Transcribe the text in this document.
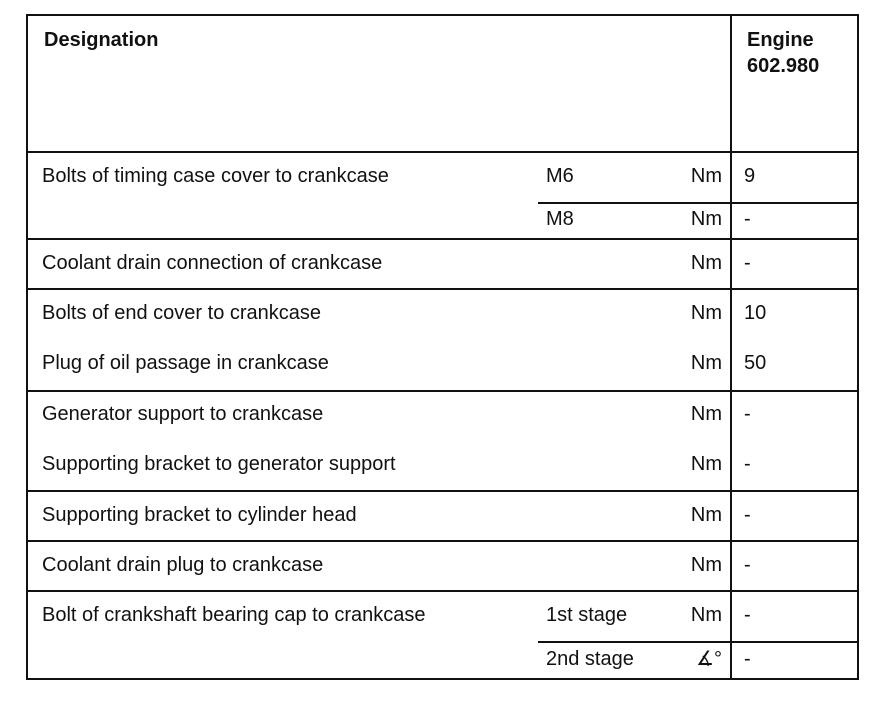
Designation	Engine
602.980
Bolts of timing case cover to crankcase	M6	Nm 9
M8	Nm -
Coolant drain connection of crankcase	Nm -
Bolts of end cover to crankcase	Nm 10
Plug of oil passage in crankcase	Nm 50
Generator support to crankcase	Nm -
Supporting bracket to generator support	Nm -
Supporting bracket to cylinder head	Nm -
Coolant drain plug to crankcase	Nm -
Bolt of crankshaft bearing cap to crankcase	1st stage	Nm -
2nd stage	∡° -
